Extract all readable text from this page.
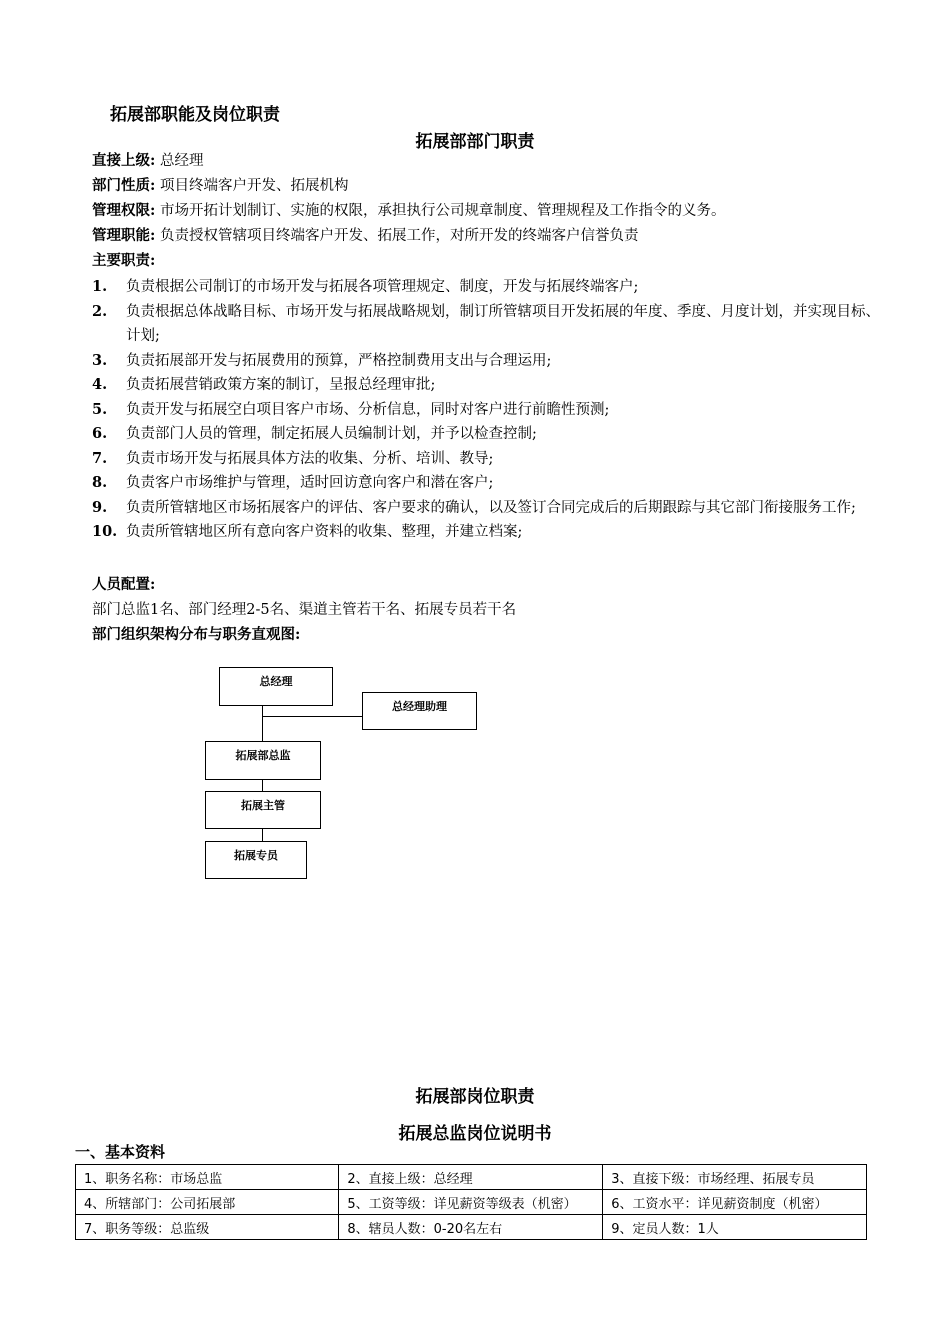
拓展部职能及岗位职责
拓展部部门职责
直接上级: 总经理
部门性质: 项目终端客户开发、拓展机构
管理权限: 市场开拓计划制订、实施的权限，承担执行公司规章制度、管理规程及工作指令的义务。
管理职能: 负责授权管辖项目终端客户开发、拓展工作，对所开发的终端客户信誉负责
主要职责:
1. 负责根据公司制订的市场开发与拓展各项管理规定、制度，开发与拓展终端客户;
2. 负责根据总体战略目标、市场开发与拓展战略规划，制订所管辖项目开发拓展的年度、季度、月度计划，并实现目标、计划;
3. 负责拓展部开发与拓展费用的预算，严格控制费用支出与合理运用;
4. 负责拓展营销政策方案的制订，呈报总经理审批;
5. 负责开发与拓展空白项目客户市场、分析信息，同时对客户进行前瞻性预测;
6. 负责部门人员的管理，制定拓展人员编制计划，并予以检查控制;
7. 负责市场开发与拓展具体方法的收集、分析、培训、教导;
8. 负责客户市场维护与管理，适时回访意向客户和潜在客户;
9. 负责所管辖地区市场拓展客户的评估、客户要求的确认，以及签订合同完成后的后期跟踪与其它部门衔接服务工作;
10. 负责所管辖地区所有意向客户资料的收集、整理，并建立档案;
人员配置:
部门总监1名、部门经理2-5名、渠道主管若干名、拓展专员若干名
部门组织架构分布与职务直观图:
总经理
总经理助理
拓展部总监
拓展主管
拓展专员
拓展部岗位职责
拓展总监岗位说明书
一、基本资料
1、职务名称：市场总监	2、直接上级：总经理	3、直接下级：市场经理、拓展专员
4、所辖部门：公司拓展部	5、工资等级：详见薪资等级表（机密）	6、工资水平：详见薪资制度（机密）
7、职务等级：总监级	8、辖员人数：0-20名左右	9、定员人数：1人
